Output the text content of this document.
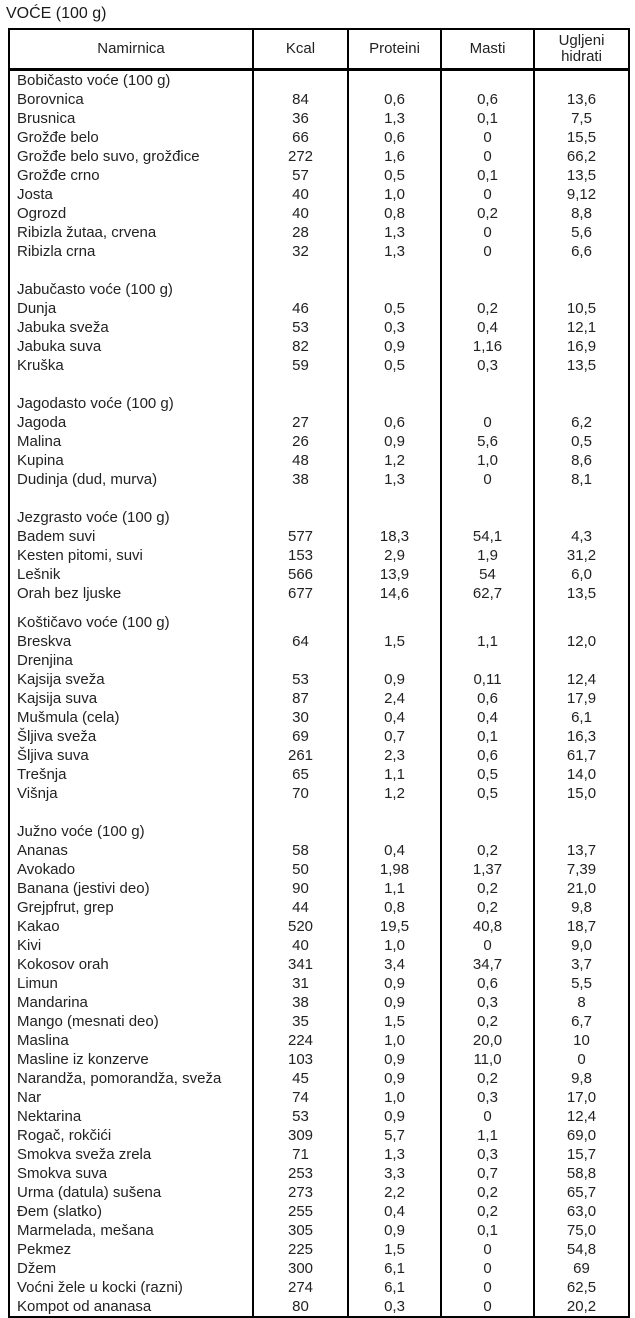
VOĆE (100 g)
Namirnica	Kcal	Proteini	Masti	Ugljeni hidrati
Bobičasto voće (100 g)				
Borovnica	84	0,6	0,6	13,6
Brusnica	36	1,3	0,1	7,5
Grožđe belo	66	0,6	0	15,5
Grožđe belo suvo, grožđice	272	1,6	0	66,2
Grožđe crno	57	0,5	0,1	13,5
Josta	40	1,0	0	9,12
Ogrozd	40	0,8	0,2	8,8
Ribizla žutaa, crvena	28	1,3	0	5,6
Ribizla crna	32	1,3	0	6,6

Jabučasto voće (100 g)				
Dunja	46	0,5	0,2	10,5
Jabuka sveža	53	0,3	0,4	12,1
Jabuka suva	82	0,9	1,16	16,9
Kruška	59	0,5	0,3	13,5

Jagodasto voće (100 g)				
Jagoda	27	0,6	0	6,2
Malina	26	0,9	5,6	0,5
Kupina	48	1,2	1,0	8,6
Dudinja (dud, murva)	38	1,3	0	8,1

Jezgrasto voće (100 g)				
Badem suvi	577	18,3	54,1	4,3
Kesten pitomi, suvi	153	2,9	1,9	31,2
Lešnik	566	13,9	54	6,0
Orah bez ljuske	677	14,6	62,7	13,5
Koštičavo voće (100 g)				
Breskva	64	1,5	1,1	12,0
Drenjina				
Kajsija sveža	53	0,9	0,11	12,4
Kajsija suva	87	2,4	0,6	17,9
Mušmula (cela)	30	0,4	0,4	6,1
Šljiva sveža	69	0,7	0,1	16,3
Šljiva suva	261	2,3	0,6	61,7
Trešnja	65	1,1	0,5	14,0
Višnja	70	1,2	0,5	15,0

Južno voće (100 g)				
Ananas	58	0,4	0,2	13,7
Avokado	50	1,98	1,37	7,39
Banana (jestivi deo)	90	1,1	0,2	21,0
Grejpfrut, grep	44	0,8	0,2	9,8
Kakao	520	19,5	40,8	18,7
Kivi	40	1,0	0	9,0
Kokosov orah	341	3,4	34,7	3,7
Limun	31	0,9	0,6	5,5
Mandarina	38	0,9	0,3	8
Mango (mesnati deo)	35	1,5	0,2	6,7
Maslina	224	1,0	20,0	10
Masline iz konzerve	103	0,9	11,0	0
Narandža, pomorandža, sveža	45	0,9	0,2	9,8
Nar	74	1,0	0,3	17,0
Nektarina	53	0,9	0	12,4
Rogač, rokčići	309	5,7	1,1	69,0
Smokva sveža zrela	71	1,3	0,3	15,7
Smokva suva	253	3,3	0,7	58,8
Urma (datula) sušena	273	2,2	0,2	65,7
Đem (slatko)	255	0,4	0,2	63,0
Marmelada, mešana	305	0,9	0,1	75,0
Pekmez	225	1,5	0	54,8
Džem	300	6,1	0	69
Voćni žele u kocki (razni)	274	6,1	0	62,5
Kompot od ananasa	80	0,3	0	20,2
